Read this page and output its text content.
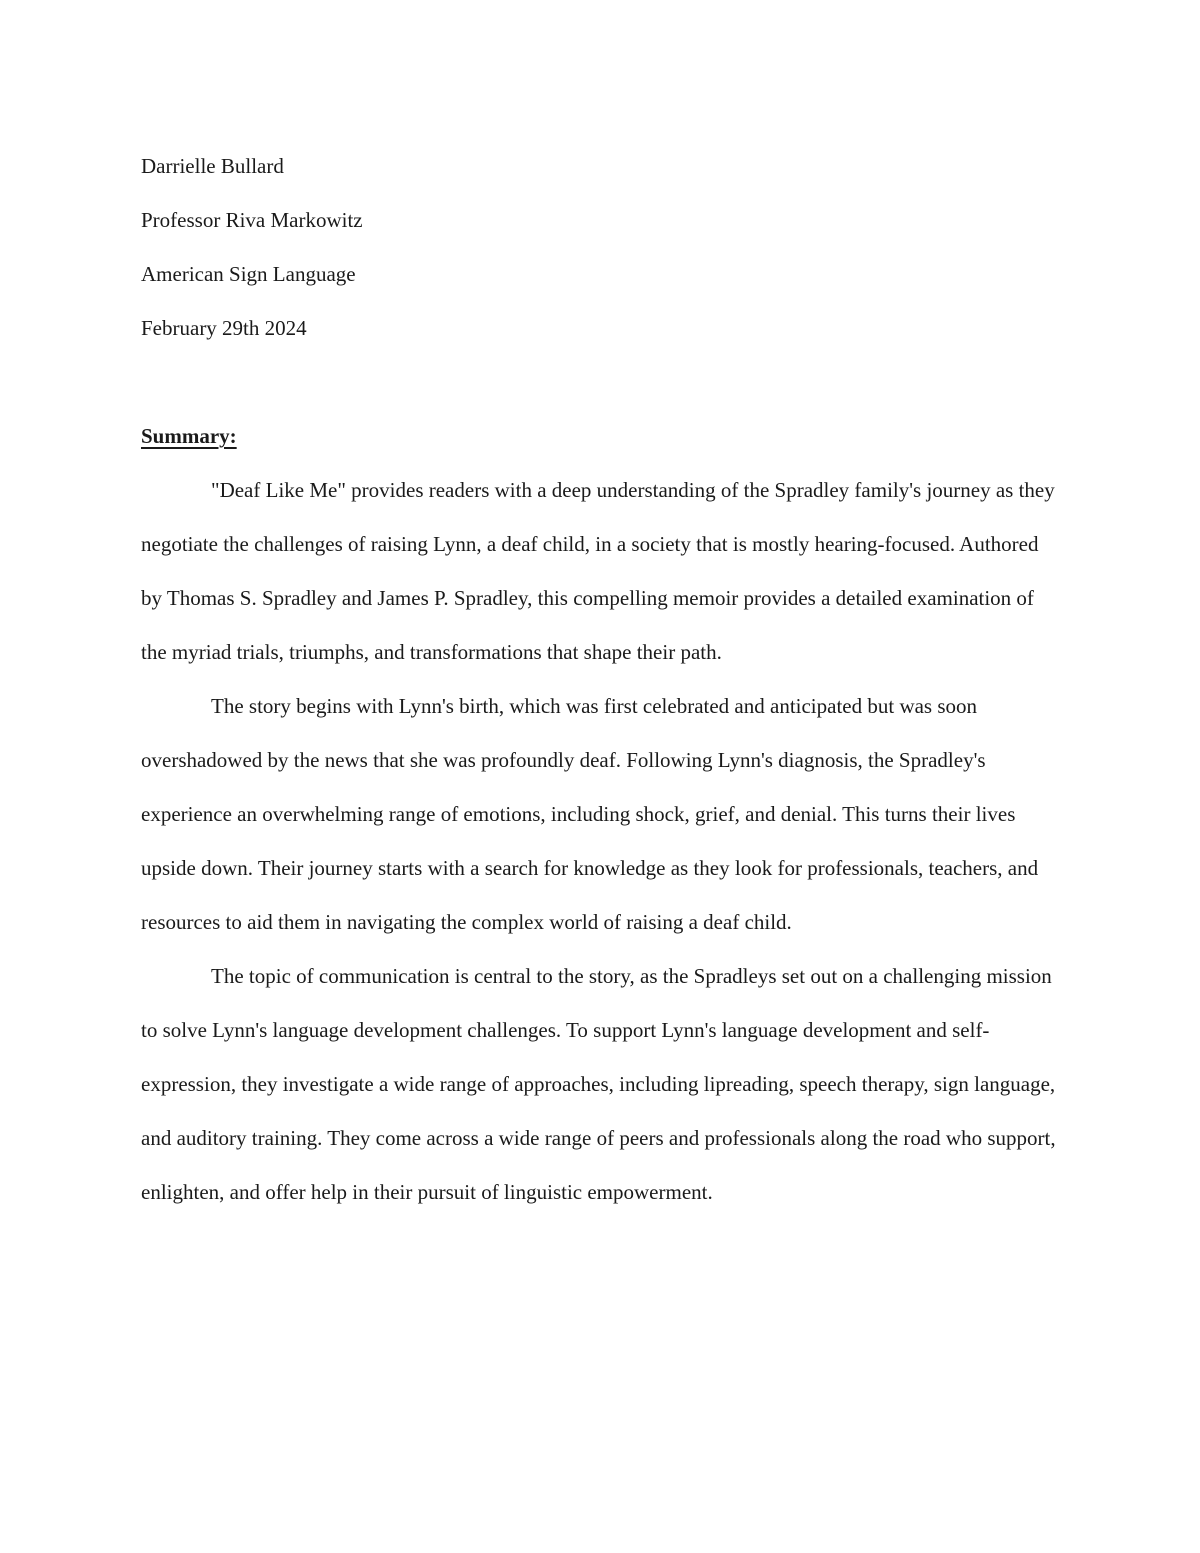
Darrielle Bullard
Professor Riva Markowitz
American Sign Language
February 29th 2024
Summary:

"Deaf Like Me" provides readers with a deep understanding of the Spradley family's journey as they negotiate the challenges of raising Lynn, a deaf child, in a society that is mostly hearing-focused. Authored by Thomas S. Spradley and James P. Spradley, this compelling memoir provides a detailed examination of the myriad trials, triumphs, and transformations that shape their path.

The story begins with Lynn's birth, which was first celebrated and anticipated but was soon overshadowed by the news that she was profoundly deaf. Following Lynn's diagnosis, the Spradley's experience an overwhelming range of emotions, including shock, grief, and denial. This turns their lives upside down. Their journey starts with a search for knowledge as they look for professionals, teachers, and resources to aid them in navigating the complex world of raising a deaf child.

The topic of communication is central to the story, as the Spradleys set out on a challenging mission to solve Lynn's language development challenges. To support Lynn's language development and self-expression, they investigate a wide range of approaches, including lipreading, speech therapy, sign language, and auditory training. They come across a wide range of peers and professionals along the road who support, enlighten, and offer help in their pursuit of linguistic empowerment.
